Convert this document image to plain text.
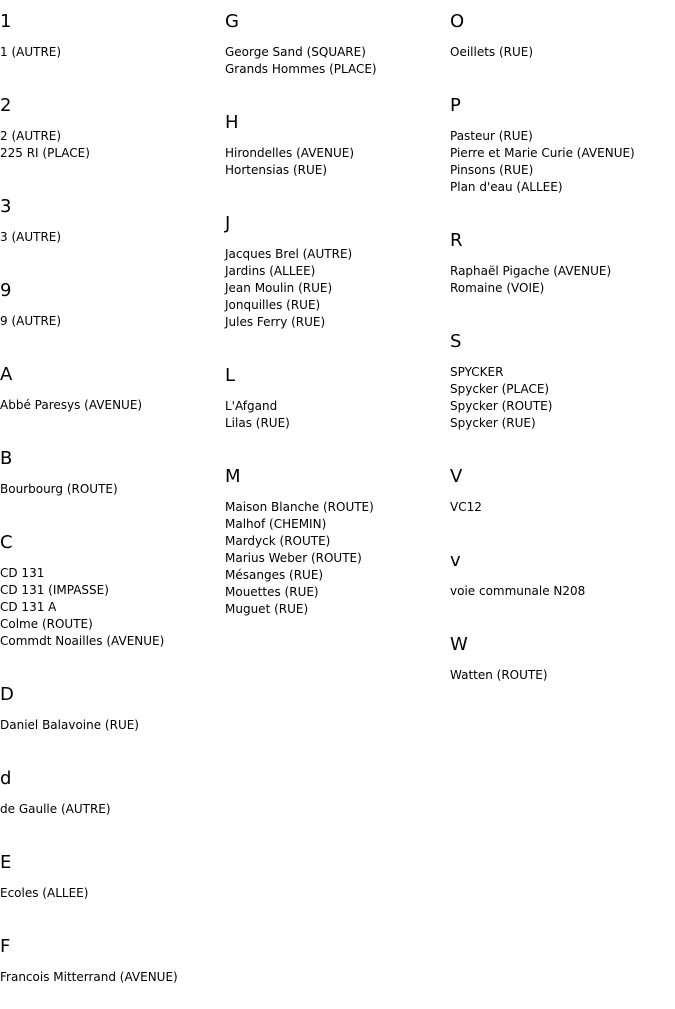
1
1 (AUTRE)
2
2 (AUTRE)
225 RI (PLACE)
3
3 (AUTRE)
9
9 (AUTRE)
A
Abbé Paresys (AVENUE)
B
Bourbourg (ROUTE)
C
CD 131
CD 131 (IMPASSE)
CD 131 A
Colme (ROUTE)
Commdt Noailles (AVENUE)
D
Daniel Balavoine (RUE)
d
de Gaulle (AUTRE)
E
Ecoles (ALLEE)
F
Francois Mitterrand (AVENUE)
G
George Sand (SQUARE)
Grands Hommes (PLACE)
H
Hirondelles (AVENUE)
Hortensias (RUE)
J
Jacques Brel (AUTRE)
Jardins (ALLEE)
Jean Moulin (RUE)
Jonquilles (RUE)
Jules Ferry (RUE)
L
L'Afgand
Lilas (RUE)
M
Maison Blanche (ROUTE)
Malhof (CHEMIN)
Mardyck (ROUTE)
Marius Weber (ROUTE)
Mésanges (RUE)
Mouettes (RUE)
Muguet (RUE)
O
Oeillets (RUE)
P
Pasteur (RUE)
Pierre et Marie Curie (AVENUE)
Pinsons (RUE)
Plan d'eau (ALLEE)
R
Raphaël Pigache (AVENUE)
Romaine (VOIE)
S
SPYCKER
Spycker (PLACE)
Spycker (ROUTE)
Spycker (RUE)
V
VC12
v
voie communale N208
W
Watten (ROUTE)
